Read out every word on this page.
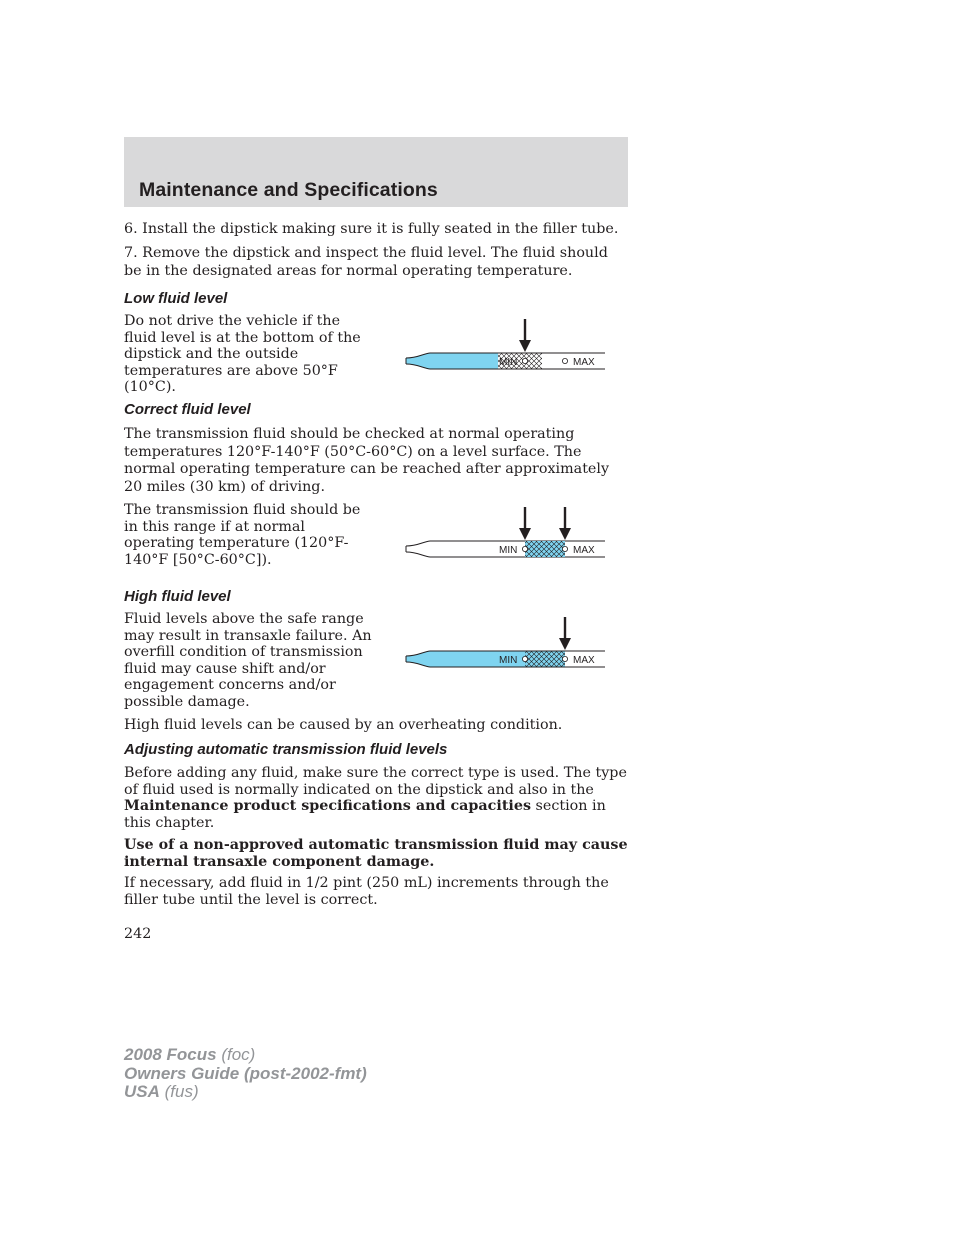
Maintenance and Specifications

6. Install the dipstick making sure it is fully seated in the filler tube.

7. Remove the dipstick and inspect the fluid level. The fluid should be in the designated areas for normal operating temperature.

Low fluid level

Do not drive the vehicle if the fluid level is at the bottom of the dipstick and the outside temperatures are above 50°F (10°C).

MIN	MAX
Correct fluid level

The transmission fluid should be checked at normal operating temperatures 120°F-140°F (50°C-60°C) on a level surface. The normal operating temperature can be reached after approximately 20 miles (30 km) of driving.

The transmission fluid should be in this range if at normal operating temperature (120°F-140°F [50°C-60°C]).

MIN	MAX
High fluid level

Fluid levels above the safe range may result in transaxle failure. An overfill condition of transmission fluid may cause shift and/or engagement concerns and/or possible damage.

MIN	MAX

High fluid levels can be caused by an overheating condition.

Adjusting automatic transmission fluid levels

Before adding any fluid, make sure the correct type is used. The type of fluid used is normally indicated on the dipstick and also in the Maintenance product specifications and capacities section in this chapter.

Use of a non-approved automatic transmission fluid may cause internal transaxle component damage.

If necessary, add fluid in 1/2 pint (250 mL) increments through the filler tube until the level is correct.

242

2008 Focus (foc)
Owners Guide (post-2002-fmt)
USA (fus)
